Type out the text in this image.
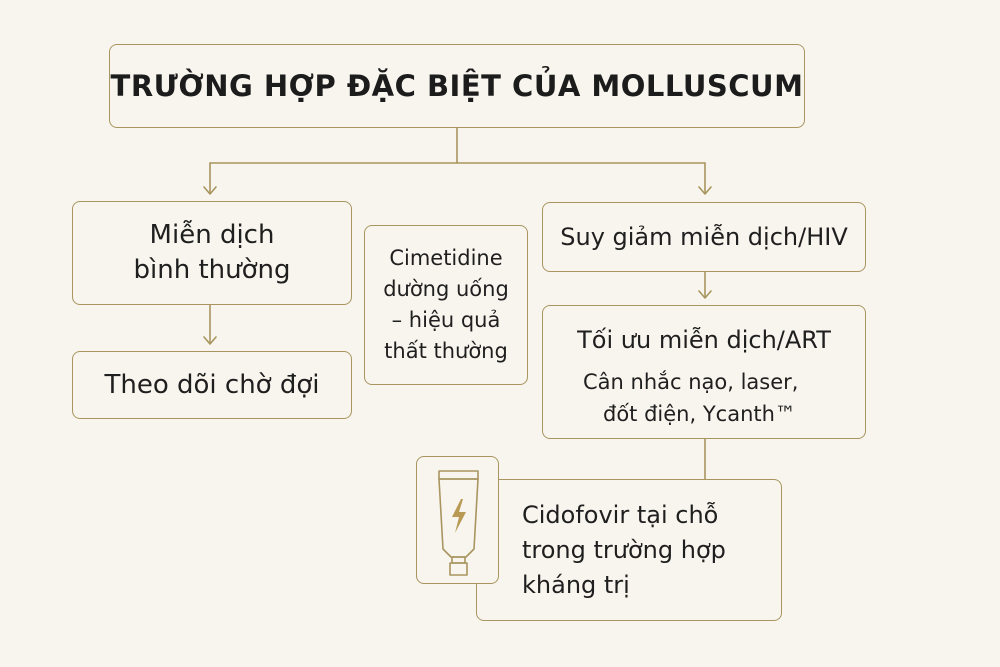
TRƯỜNG HỢP ĐẶC BIỆT CỦA MOLLUSCUM
Miễn dịch
bình thường
Theo dõi chờ đợi
Cimetidine
dường uống
– hiệu quả
thất thường
Suy giảm miễn dịch/HIV
Tối ưu miễn dịch/ART
Cân nhắc nạo, laser,
đốt điện, Ycanth™
Cidofovir tại chỗ
trong trường hợp
kháng trị
